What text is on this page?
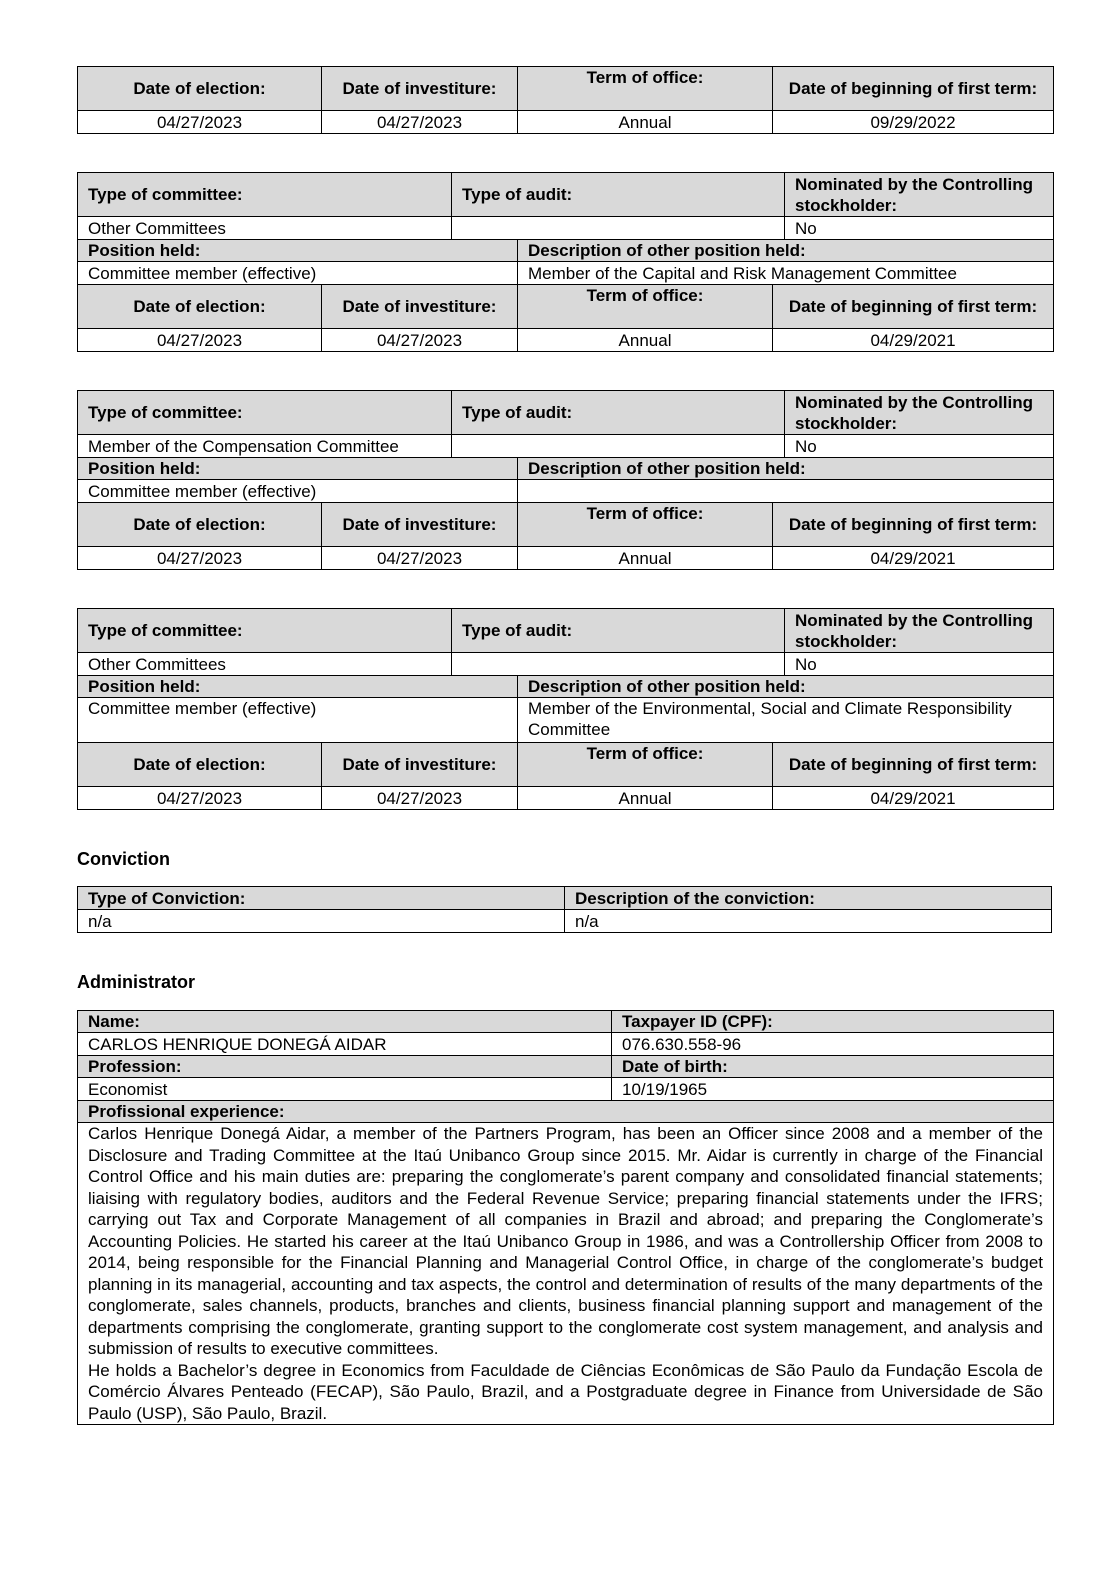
Date of election:	Date of investiture:	Term of office:	Date of beginning of first term:
04/27/2023	04/27/2023	Annual	09/29/2022
Type of committee:		Type of audit:			Nominated by the Controlling stockholder:
Other Committees					No
Position held:			Description of other position held:		
Committee member (effective)			Member of the Capital and Risk Management Committee		
Date of election:	Date of investiture:		Term of office:	Date of beginning of first term:	
04/27/2023	04/27/2023		Annual	04/29/2021	
Type of committee:		Type of audit:			Nominated by the Controlling stockholder:
Member of the Compensation Committee					No
Position held:			Description of other position held:		
Committee member (effective)					
Date of election:	Date of investiture:		Term of office:	Date of beginning of first term:	
04/27/2023	04/27/2023		Annual	04/29/2021	
Type of committee:		Type of audit:			Nominated by the Controlling stockholder:
Other Committees					No
Position held:			Description of other position held:		
Committee member (effective)			Member of the Environmental, Social and Climate Responsibility Committee		
Date of election:	Date of investiture:		Term of office:	Date of beginning of first term:	
04/27/2023	04/27/2023		Annual	04/29/2021	
Conviction
Type of Conviction:	Description of the conviction:
n/a	n/a
Administrator
Name:	Taxpayer ID (CPF):
CARLOS HENRIQUE DONEGÁ AIDAR	076.630.558-96
Profession:	Date of birth:
Economist	10/19/1965
Profissional experience:	

Carlos Henrique Donegá Aidar, a member of the Partners Program, has been an Officer since 2008 and a member of the Disclosure and Trading Committee at the Itaú Unibanco Group since 2015. Mr. Aidar is currently in charge of the Financial Control Office and his main duties are: preparing the conglomerate’s parent company and consolidated financial statements; liaising with regulatory bodies, auditors and the Federal Revenue Service; preparing financial statements under the IFRS; carrying out Tax and Corporate Management of all companies in Brazil and abroad; and preparing the Conglomerate’s Accounting Policies. He started his career at the Itaú Unibanco Group in 1986, and was a Controllership Officer from 2008 to 2014, being responsible for the Financial Planning and Managerial Control Office, in charge of the conglomerate’s budget planning in its managerial, accounting and tax aspects, the control and determination of results of the many departments of the conglomerate, sales channels, products, branches and clients, business financial planning support and management of the departments comprising the conglomerate, granting support to the conglomerate cost system management, and analysis and submission of results to executive committees.

He holds a Bachelor’s degree in Economics from Faculdade de Ciências Econômicas de São Paulo da Fundação Escola de Comércio Álvares Penteado (FECAP), São Paulo, Brazil, and a Postgraduate degree in Finance from Universidade de São Paulo (USP), São Paulo, Brazil.	
